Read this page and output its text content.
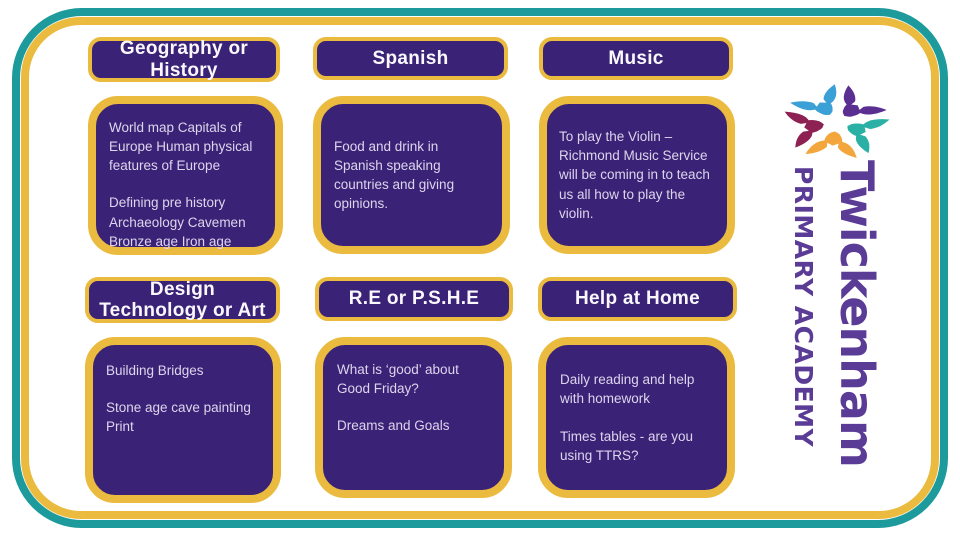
Geography or
History
Spanish	Music

World map Capitals of Europe Human physical features of Europe

Defining pre history Archaeology Cavemen Bronze age Iron age

Food and drink in Spanish speaking countries and giving opinions.

To play the Violin – Richmond Music Service will be coming in to teach us all how to play the violin.

Design
Technology or Art
R.E or P.S.H.E	Help at Home

Building Bridges

Stone age cave painting Print

What is ‘good’ about Good Friday?

Dreams and Goals

Daily reading and help with homework

Times tables - are you using TTRS?	Twickenham
PRIMARY ACADEMY
